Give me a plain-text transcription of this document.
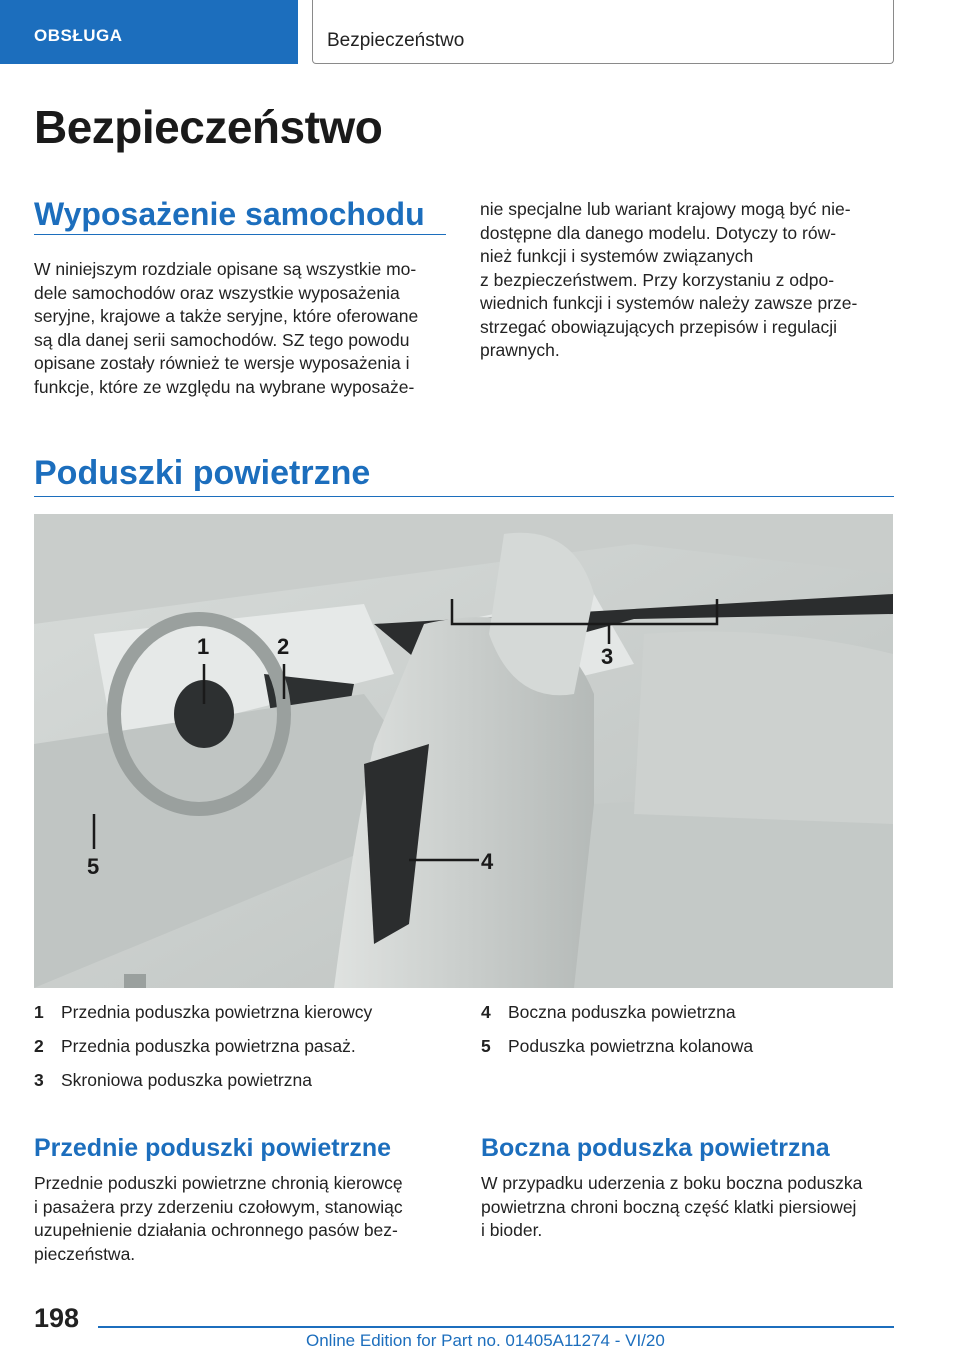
OBSŁUGA	Bezpieczeństwo
Bezpieczeństwo
Wyposażenie samochodu
W niniejszym rozdziale opisane są wszystkie mo-
dele samochodów oraz wszystkie wyposażenia
seryjne, krajowe a także seryjne, które oferowane
są dla danej serii samochodów. SZ tego powodu
opisane zostały również te wersje wyposażenia i
funkcje, które ze względu na wybrane wyposaże-
nie specjalne lub wariant krajowy mogą być nie-
dostępne dla danego modelu. Dotyczy to rów-
nież funkcji i systemów związanych
z bezpieczeństwem. Przy korzystaniu z odpo-
wiednich funkcji i systemów należy zawsze prze-
strzegać obowiązujących przepisów i regulacji
prawnych.
Poduszki powietrzne
1	2	3
4
5
1 Przednia poduszka powietrzna kierowcy
2 Przednia poduszka powietrzna pasaż.
3 Skroniowa poduszka powietrzna
4 Boczna poduszka powietrzna
5 Poduszka powietrzna kolanowa
Przednie poduszki powietrzne
Przednie poduszki powietrzne chronią kierowcę
i pasażera przy zderzeniu czołowym, stanowiąc
uzupełnienie działania ochronnego pasów bez-
pieczeństwa.
Boczna poduszka powietrzna
W przypadku uderzenia z boku boczna poduszka
powietrzna chroni boczną część klatki piersiowej
i bioder.
198
Online Edition for Part no. 01405A11274 - VI/20
